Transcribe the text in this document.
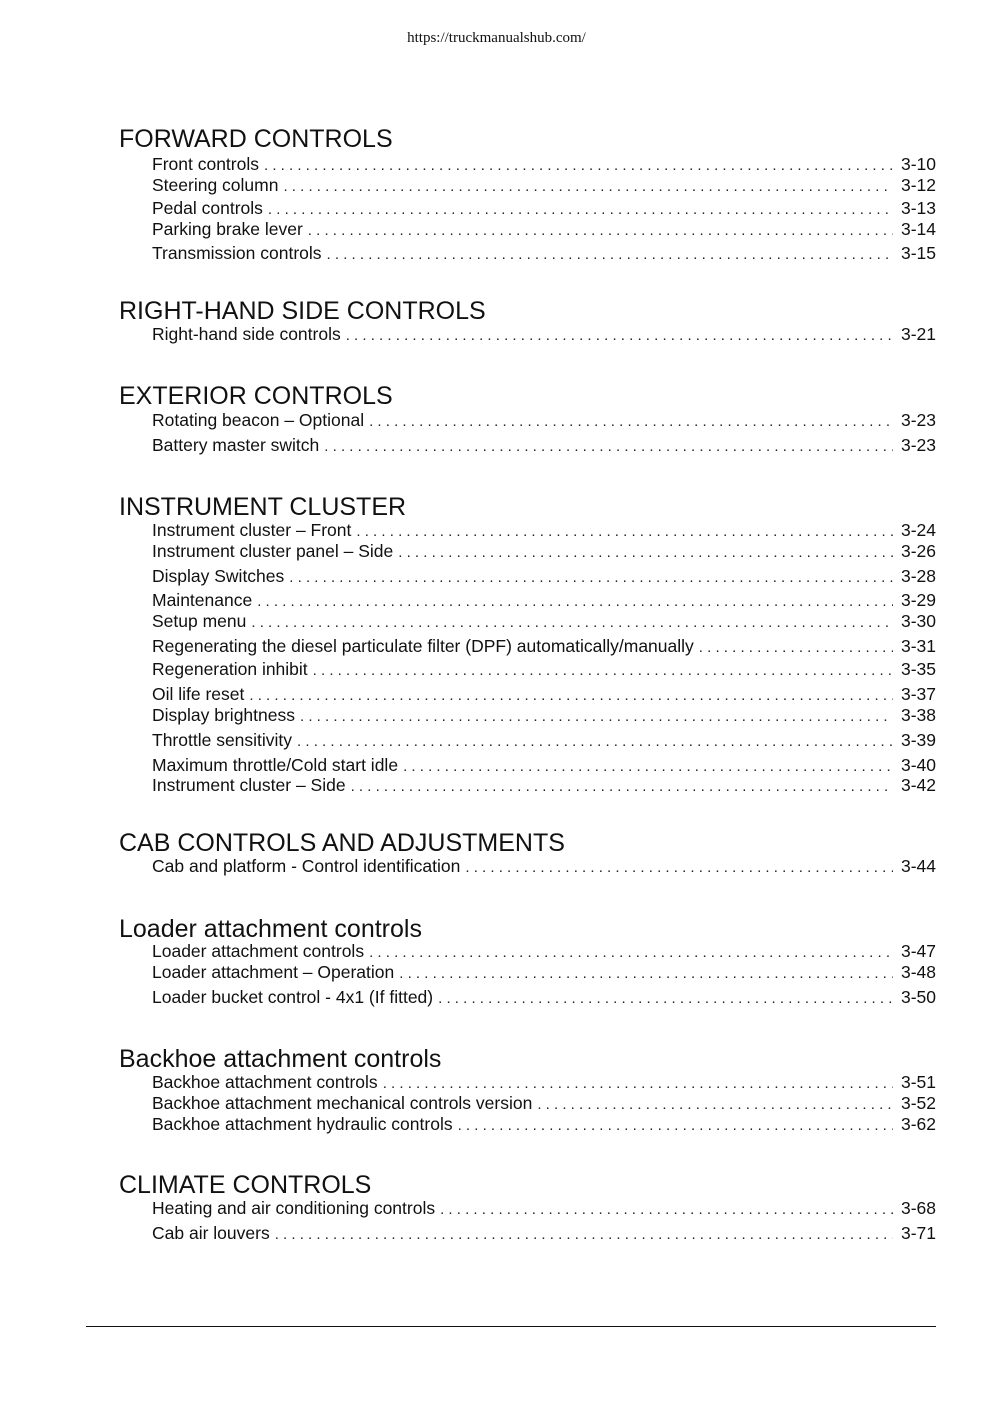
https://truckmanualshub.com/
FORWARD CONTROLS
Front controls . . .	3-10
Steering column . . .	3-12
Pedal controls . . .	3-13
Parking brake lever . . .	3-14
Transmission controls . . .	3-15
RIGHT-HAND SIDE CONTROLS
Right-hand side controls . . .	3-21
EXTERIOR CONTROLS
Rotating beacon – Optional . . .	3-23
Battery master switch . . .	3-23
INSTRUMENT CLUSTER
Instrument cluster – Front . . .	3-24
Instrument cluster panel – Side . . .	3-26
Display Switches . . .	3-28
Maintenance . . .	3-29
Setup menu . . .	3-30
Regenerating the diesel particulate filter (DPF) automatically/manually . . .	3-31
Regeneration inhibit . . .	3-35
Oil life reset . . .	3-37
Display brightness . . .	3-38
Throttle sensitivity . . .	3-39
Maximum throttle/Cold start idle . . .	3-40
Instrument cluster – Side . . .	3-42
CAB CONTROLS AND ADJUSTMENTS
Cab and platform - Control identification . . .	3-44
Loader attachment controls
Loader attachment controls . . .	3-47
Loader attachment – Operation . . .	3-48
Loader bucket control - 4x1 (If fitted) . . .	3-50
Backhoe attachment controls
Backhoe attachment controls . . .	3-51
Backhoe attachment mechanical controls version . . .	3-52
Backhoe attachment hydraulic controls . . .	3-62
CLIMATE CONTROLS
Heating and air conditioning controls . . .	3-68
Cab air louvers . . .	3-71
